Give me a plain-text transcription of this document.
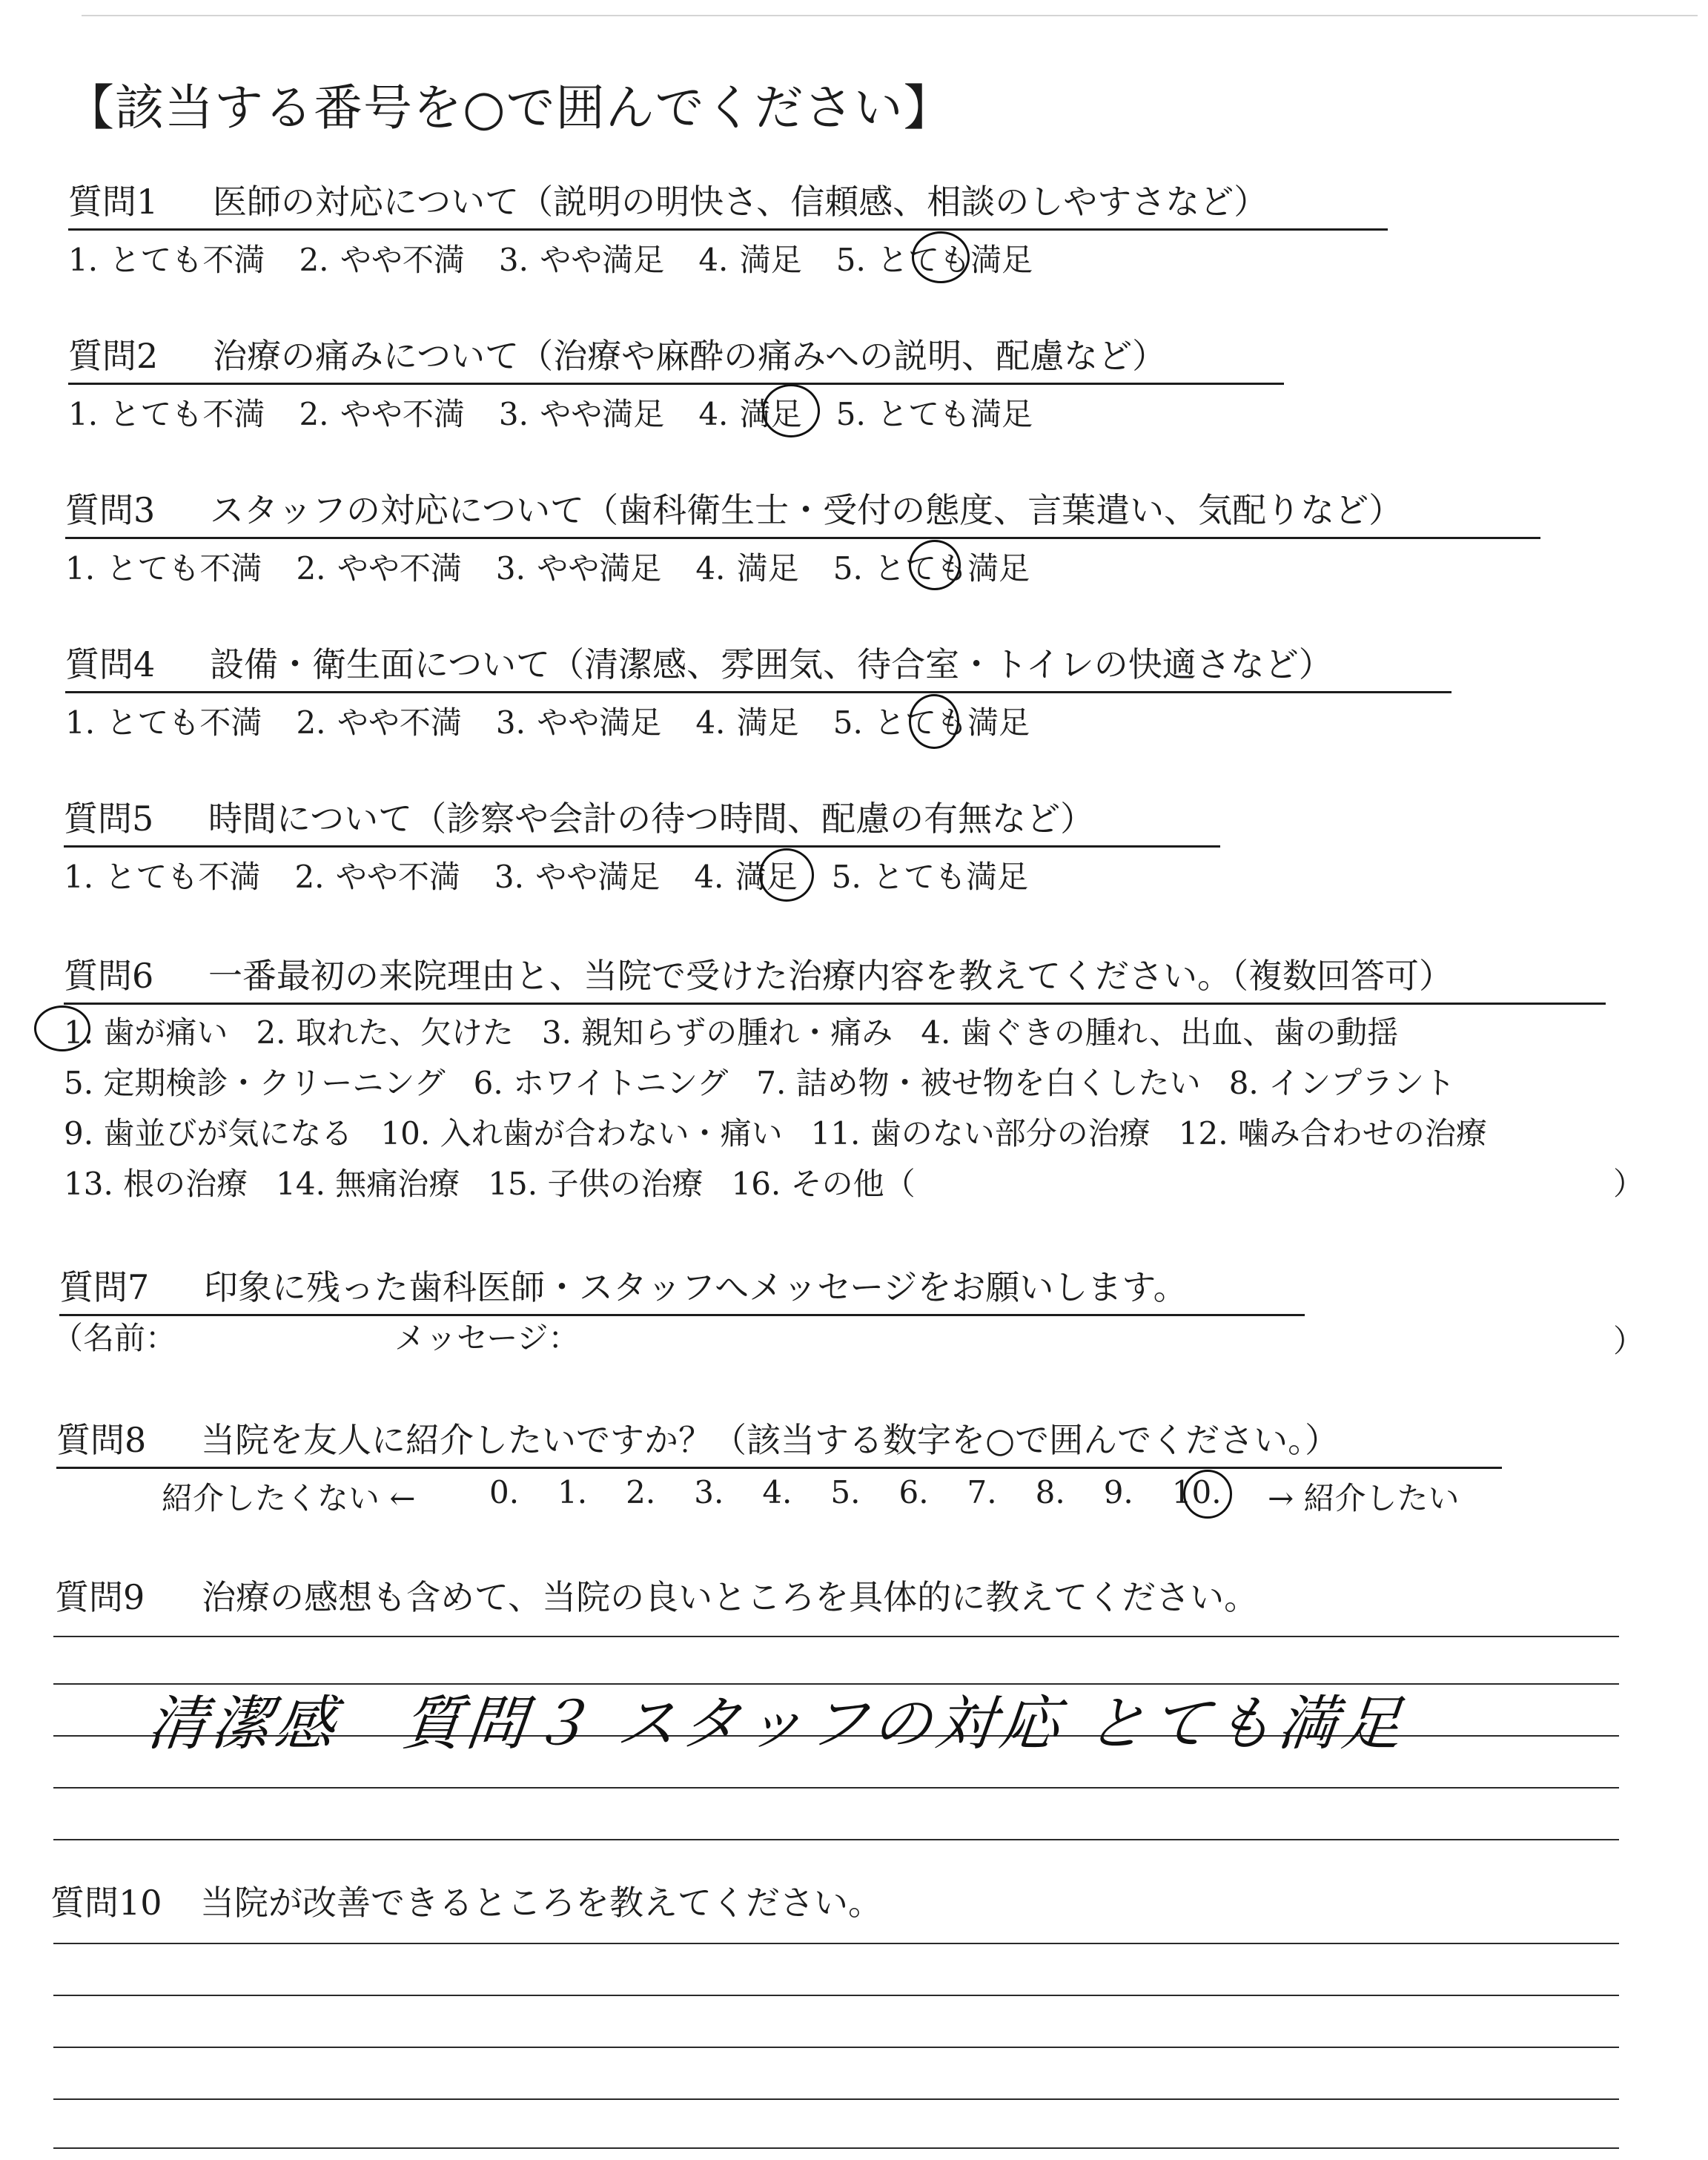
【該当する番号を○で囲んでください】
質問1 医師の対応について（説明の明快さ、信頼感、相談のしやすさなど）
1. とても不満 2. やや不満 3. やや満足 4. 満足 5. とても満足
質問2 治療の痛みについて（治療や麻酔の痛みへの説明、配慮など）
1. とても不満 2. やや不満 3. やや満足 4. 満足 5. とても満足
質問3 スタッフの対応について（歯科衛生士・受付の態度、言葉遣い、気配りなど）
1. とても不満 2. やや不満 3. やや満足 4. 満足 5. とても満足
質問4 設備・衛生面について（清潔感、雰囲気、待合室・トイレの快適さなど）
1. とても不満 2. やや不満 3. やや満足 4. 満足 5. とても満足
質問5 時間について（診察や会計の待つ時間、配慮の有無など）
1. とても不満 2. やや不満 3. やや満足 4. 満足 5. とても満足
質問6 一番最初の来院理由と、当院で受けた治療内容を教えてください。（複数回答可）
1. 歯が痛い 2. 取れた、欠けた 3. 親知らずの腫れ・痛み 4. 歯ぐきの腫れ、出血、歯の動揺
5. 定期検診・クリーニング 6. ホワイトニング 7. 詰め物・被せ物を白くしたい 8. インプラント
9. 歯並びが気になる 10. 入れ歯が合わない・痛い 11. 歯のない部分の治療 12. 噛み合わせの治療
13. 根の治療 14. 無痛治療 15. 子供の治療 16. その他（	）
質問7 印象に残った歯科医師・スタッフへメッセージをお願いします。
（名前：	メッセージ：	）
質問8 当院を友人に紹介したいですか？（該当する数字を○で囲んでください。）
紹介したくない ← 0. 1. 2. 3. 4. 5. 6. 7. 8. 9. 10. → 紹介したい
質問9 治療の感想も含めて、当院の良いところを具体的に教えてください。
清潔感　質問３ スタッフの対応 とても満足
質問10 当院が改善できるところを教えてください。
